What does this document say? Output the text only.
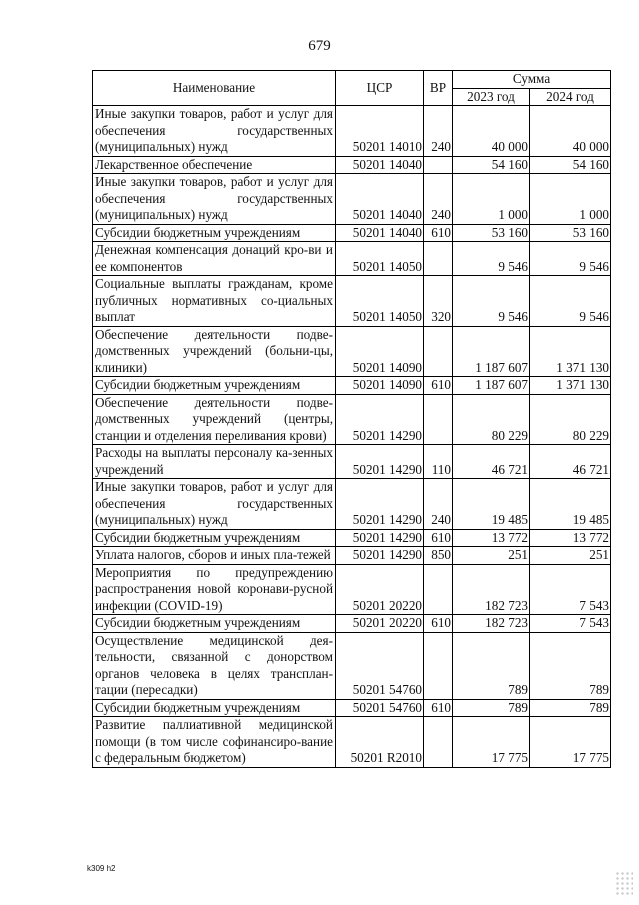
679
Наименование	ЦСР	ВР	Сумма	
			2023 год	2024 год
Иные закупки товаров, работ и услуг для обеспечения государственных (муниципальных) нужд	50201 14010	240	40 000	40 000
Лекарственное обеспечение	50201 14040		54 160	54 160
Иные закупки товаров, работ и услуг для обеспечения государственных (муниципальных) нужд	50201 14040	240	1 000	1 000
Субсидии бюджетным учреждениям	50201 14040	610	53 160	53 160
Денежная компенсация донаций кро-ви и ее компонентов	50201 14050		9 546	9 546
Социальные выплаты гражданам, кроме публичных нормативных со-циальных выплат	50201 14050	320	9 546	9 546
Обеспечение деятельности подве-домственных учреждений (больни-цы, клиники)	50201 14090		1 187 607	1 371 130
Субсидии бюджетным учреждениям	50201 14090	610	1 187 607	1 371 130
Обеспечение деятельности подве-домственных учреждений (центры, станции и отделения переливания крови)	50201 14290		80 229	80 229
Расходы на выплаты персоналу ка-зенных учреждений	50201 14290	110	46 721	46 721
Иные закупки товаров, работ и услуг для обеспечения государственных (муниципальных) нужд	50201 14290	240	19 485	19 485
Субсидии бюджетным учреждениям	50201 14290	610	13 772	13 772
Уплата налогов, сборов и иных пла-тежей	50201 14290	850	251	251
Мероприятия по предупреждению распространения новой коронави-русной инфекции (COVID-19)	50201 20220		182 723	7 543
Субсидии бюджетным учреждениям	50201 20220	610	182 723	7 543
Осуществление медицинской дея-тельности, связанной с донорством органов человека в целях трансплан-тации (пересадки)	50201 54760		789	789
Субсидии бюджетным учреждениям	50201 54760	610	789	789
Развитие паллиативной медицинской помощи (в том числе софинансиро-вание с федеральным бюджетом)	50201 R2010		17 775	17 775
k309 h2
